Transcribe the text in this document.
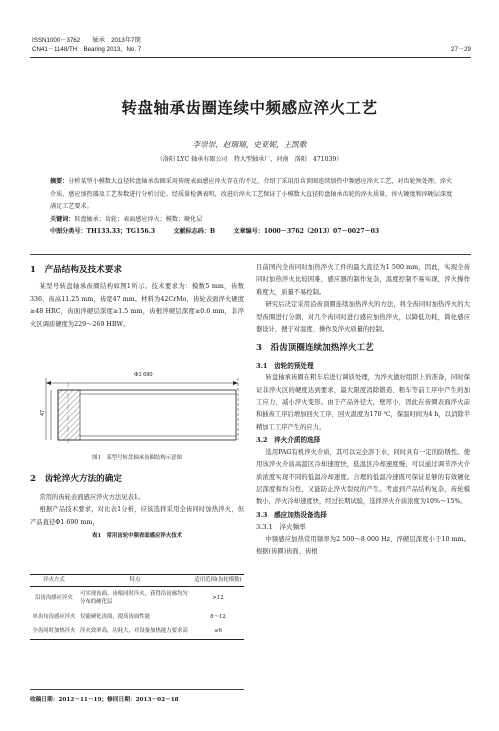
ISSN1000－3762　　轴承　2013年7期
CN41－1148/TH　Bearing 2013，No. 7	27－29
转盘轴承齿圈连续中频感应淬火工艺
李崇崇，赵瑞瑞，史亚妮，王凯歌
（洛阳 LYC 轴承有限公司　特大型轴承厂，河南　洛阳　471039）

摘要：分析某型小模数大直径转盘轴承齿圈采用传统表面感应淬火存在的不足，介绍了采用沿齿顶圈连续加热中频感应淬火工艺，对齿轮预处理、淬火介质、感应加热器及工艺参数进行分析讨论。经质量检测表明，改进后淬火工艺保证了小模数大直径转盘轴承齿轮的淬火质量，淬火硬度和淬硬层深度满足工艺要求。

关键词：转盘轴承；齿轮；表面感应淬火；模数；硬化层

中图分类号：TH133.33；TG156.3　　　文献标志码：B　　　文章编号：1000－3762（2013）07－0027－03

1　产品结构及技术要求

某型号转盘轴承齿圈结构如图1所示。技术要求为：模数5 mm，齿数336，齿高11.25 mm，齿宽47 mm。材料为42CrMo，齿轮表面淬火硬度≥48 HRC，齿面淬硬层深度≥1.5 mm，齿根淬硬层深度≥0.6 mm，非淬火区调质硬度为229～269 HBW。

Φ1 690
47

图1　某型号转盘轴承齿圈结构示意图

2　齿轮淬火方法的确定

常用的齿轮表面感应淬火方法见表1。

根据产品技术要求，对比表1分析，应该选择采用全齿同时加热淬火，但产品直径Φ1 690 mm，

表1　常用齿轮中频表面感应淬火技术

淬火方式	特点	适用范围(齿轮模数)
沿齿沟感应淬火	可实现齿面、齿根同时淬火，获得沿齿廓均匀分布的硬化层	>12
单齿旬齿感应淬火	仅能硬化齿面，提高齿面性能	8～12
全齿同时加热淬火	淬火效率高，功耗大，对设备加热能力要求高	≤6
收稿日期：2012－11－19；修回日期：2013－02－18

目前国内全齿同时加热淬火工件的最大直径为1 500 mm，因此，实现全齿同时加热淬火比较困难，感应器的制作复杂，温度控制不易实现，淬火操作难度大，质量不易控制。

研究后决定采用沿齿顶圈连续加热淬火的方法，将全齿同时加热淬火的大型齿圈进行分割，对几个齿同时进行感应加热淬火，以降低功耗，简化感应器设计，便于对温度、操作及淬火质量的控制。

3　沿齿顶圈连续加热淬火工艺

3.1　齿轮的预处理

转盘轴承齿圈在粗车后进行调质处理，为淬火做好组织上的准备，同时保证非淬火区的硬度达到要求，最大限度消除锻造、粗车等前工序中产生的加工应力，减小淬火变形。由于产品外径大，壁厚小，因此在齿圈表面淬火前和插齿工序后增加回火工序，回火温度为170 ℃，保温时间为4 h，以消除半精加工工序产生的应力。

3.2　淬火介质的选择

选用PAG有机淬火介质，其可以完全溶于水，同时具有一定的防锈性。使用该淬火介质高温区冷却速度快，低温区冷却速度慢，可以通过调节淬火介质浓度实现不同的低温冷却速度。合理的低温冷速既可保证足够的有效硬化层深度和均匀性，又能防止淬火裂纹的产生。考虑到产品结构复杂，齿轮模数小，淬火冷却速度快，经过长期试验，选择淬火介质浓度为10%～15%。

3.3　感应加热设备选择

3.3.1　淬火频率

中频感应加热常用频率为2 500～8 000 Hz，淬硬层深度小于10 mm。根据(齿圈)齿面、齿根
